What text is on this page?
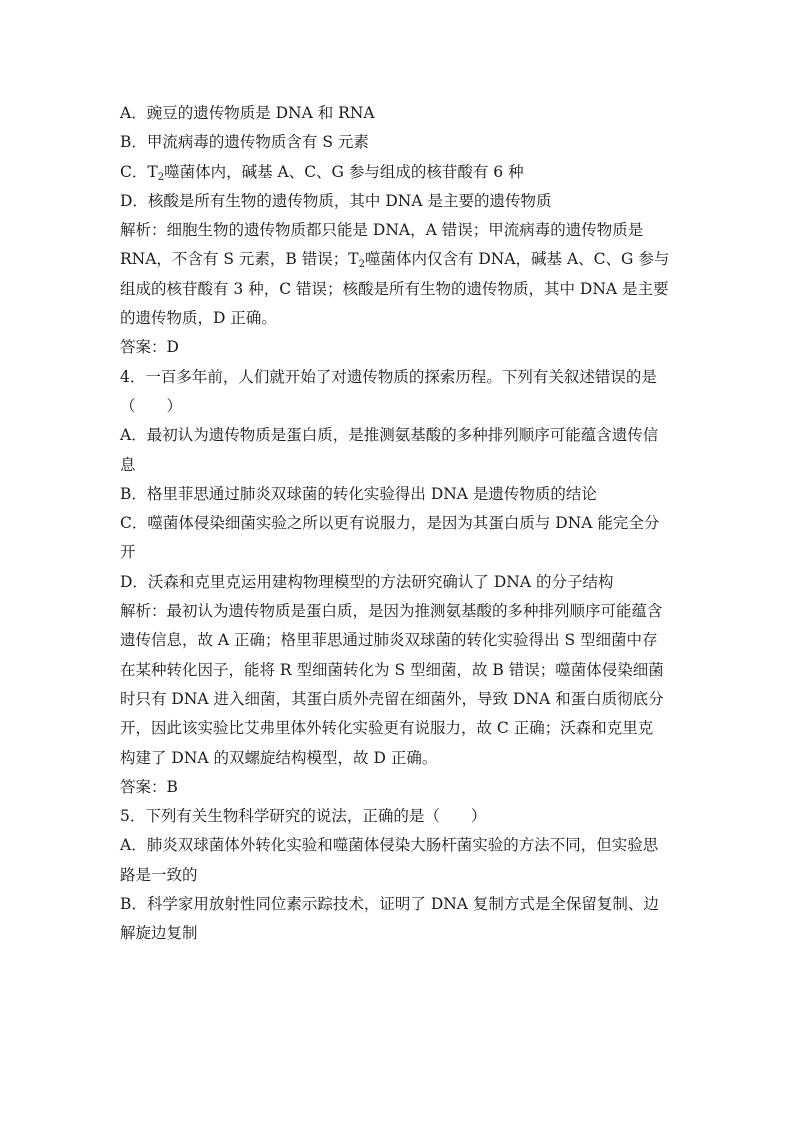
A．豌豆的遗传物质是 DNA 和 RNA
B．甲流病毒的遗传物质含有 S 元素
C．$T_2$噬菌体内，碱基 A、C、G 参与组成的核苷酸有 6 种
D．核酸是所有生物的遗传物质，其中 DNA 是主要的遗传物质
解析：细胞生物的遗传物质都只能是 DNA，A 错误；甲流病毒的遗传物质是
RNA，不含有 S 元素，B 错误；$T_2$噬菌体内仅含有 DNA，碱基 A、C、G 参与
组成的核苷酸有 3 种，C 错误；核酸是所有生物的遗传物质，其中 DNA 是主要
的遗传物质，D 正确。
答案：D
4．一百多年前，人们就开始了对遗传物质的探索历程。下列有关叙述错误的是
（　　）
A．最初认为遗传物质是蛋白质，是推测氨基酸的多种排列顺序可能蕴含遗传信
息
B．格里菲思通过肺炎双球菌的转化实验得出 DNA 是遗传物质的结论
C．噬菌体侵染细菌实验之所以更有说服力，是因为其蛋白质与 DNA 能完全分
开
D．沃森和克里克运用建构物理模型的方法研究确认了 DNA 的分子结构
解析：最初认为遗传物质是蛋白质，是因为推测氨基酸的多种排列顺序可能蕴含
遗传信息，故 A 正确；格里菲思通过肺炎双球菌的转化实验得出 S 型细菌中存
在某种转化因子，能将 R 型细菌转化为 S 型细菌，故 B 错误；噬菌体侵染细菌
时只有 DNA 进入细菌，其蛋白质外壳留在细菌外，导致 DNA 和蛋白质彻底分
开，因此该实验比艾弗里体外转化实验更有说服力，故 C 正确；沃森和克里克
构建了 DNA 的双螺旋结构模型，故 D 正确。
答案：B
5．下列有关生物科学研究的说法，正确的是（　　）
A．肺炎双球菌体外转化实验和噬菌体侵染大肠杆菌实验的方法不同，但实验思
路是一致的
B．科学家用放射性同位素示踪技术，证明了 DNA 复制方式是全保留复制、边
解旋边复制
